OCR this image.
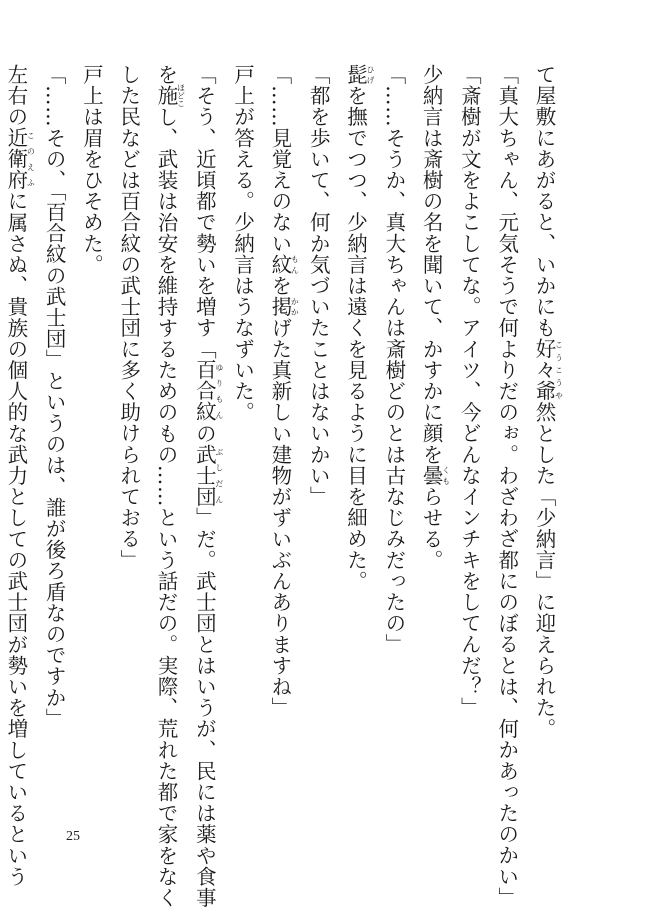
て屋敷にあがると、いかにも好々爺こうこうや然とした「少納言」に迎えられた。
「真大ちゃん、元気そうで何よりだのぉ。わざわざ都にのぼるとは、何かあったのかい」
「斎樹が文をよこしてな。アイツ、今どんなインチキをしてんだ？」
少納言は斎樹の名を聞いて、かすかに顔を曇くもらせる。
「……そうか、真大ちゃんは斎樹どのとは古なじみだったの」
髭ひげを撫でつつ、少納言は遠くを見るように目を細めた。
「都を歩いて、何か気づいたことはないかい」
「……見覚えのない紋もんを掲かかげた真新しい建物がずいぶんありますね」
戸上が答える。少納言はうなずいた。
「そう、近頃都で勢いを増す「百合紋ゆりもんの武士団ぶしだん」だ。武士団とはいうが、民には薬や食事
を施ほどこし、武装は治安を維持するためのもの……という話だの。実際、荒れた都で家をなく
した民などは百合紋の武士団に多く助けられておる」
戸上は眉をひそめた。
「……その、「百合紋の武士団」というのは、誰が後ろ盾なのですか」
左右の近衛府このえふに属さぬ、貴族の個人的な武力としての武士団が勢いを増しているという	25
